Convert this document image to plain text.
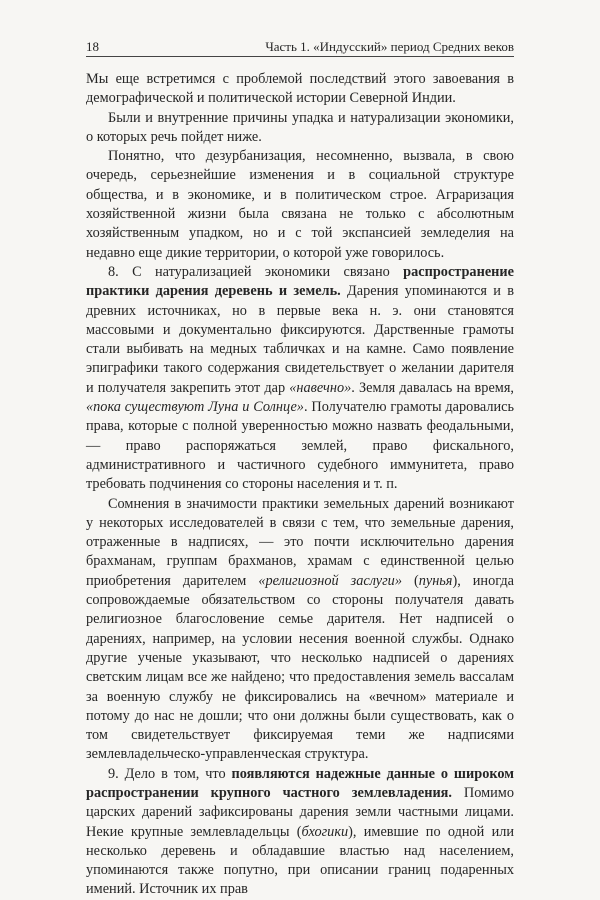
18	Часть 1. «Индусский» период Средних веков

Мы еще встретимся с проблемой последствий этого завоевания в демографической и политической истории Северной Индии.

Были и внутренние причины упадка и натурализации экономики, о которых речь пойдет ниже.

Понятно, что дезурбанизация, несомненно, вызвала, в свою очередь, серьезнейшие изменения и в социальной структуре общества, и в экономике, и в политическом строе. Аграризация хозяйственной жизни была связана не только с абсолютным хозяйственным упадком, но и с той экспансией земледелия на недавно еще дикие территории, о которой уже говорилось.

8. С натурализацией экономики связано распространение практики дарения деревень и земель. Дарения упоминаются и в древних источниках, но в первые века н. э. они становятся массовыми и документально фиксируются. Дарственные грамоты стали выбивать на медных табличках и на камне. Само появление эпиграфики такого содержания свидетельствует о желании дарителя и получателя закрепить этот дар «навечно». Земля давалась на время, «пока существуют Луна и Солнце». Получателю грамоты даровались права, которые с полной уверенностью можно назвать феодальными, — право распоряжаться землей, право фискального, административного и частичного судебного иммунитета, право требовать подчинения со стороны населения и т. п.

Сомнения в значимости практики земельных дарений возникают у некоторых исследователей в связи с тем, что земельные дарения, отраженные в надписях, — это почти исключительно дарения брахманам, группам брахманов, храмам с единственной целью приобретения дарителем «религиозной заслуги» (пунья), иногда сопровождаемые обязательством со стороны получателя давать религиозное благословение семье дарителя. Нет надписей о дарениях, например, на условии несения военной службы. Однако другие ученые указывают, что несколько надписей о дарениях светским лицам все же найдено; что предоставления земель вассалам за военную службу не фиксировались на «вечном» материале и потому до нас не дошли; что они должны были существовать, как о том свидетельствует фиксируемая теми же надписями землевладельческо-управленческая структура.

9. Дело в том, что появляются надежные данные о широком распространении крупного частного землевладения. Помимо царских дарений зафиксированы дарения земли частными лицами. Некие крупные землевладельцы (бхогики), имевшие по одной или несколько деревень и обладавшие властью над населением, упоминаются также попутно, при описании границ подаренных имений. Источник их прав
